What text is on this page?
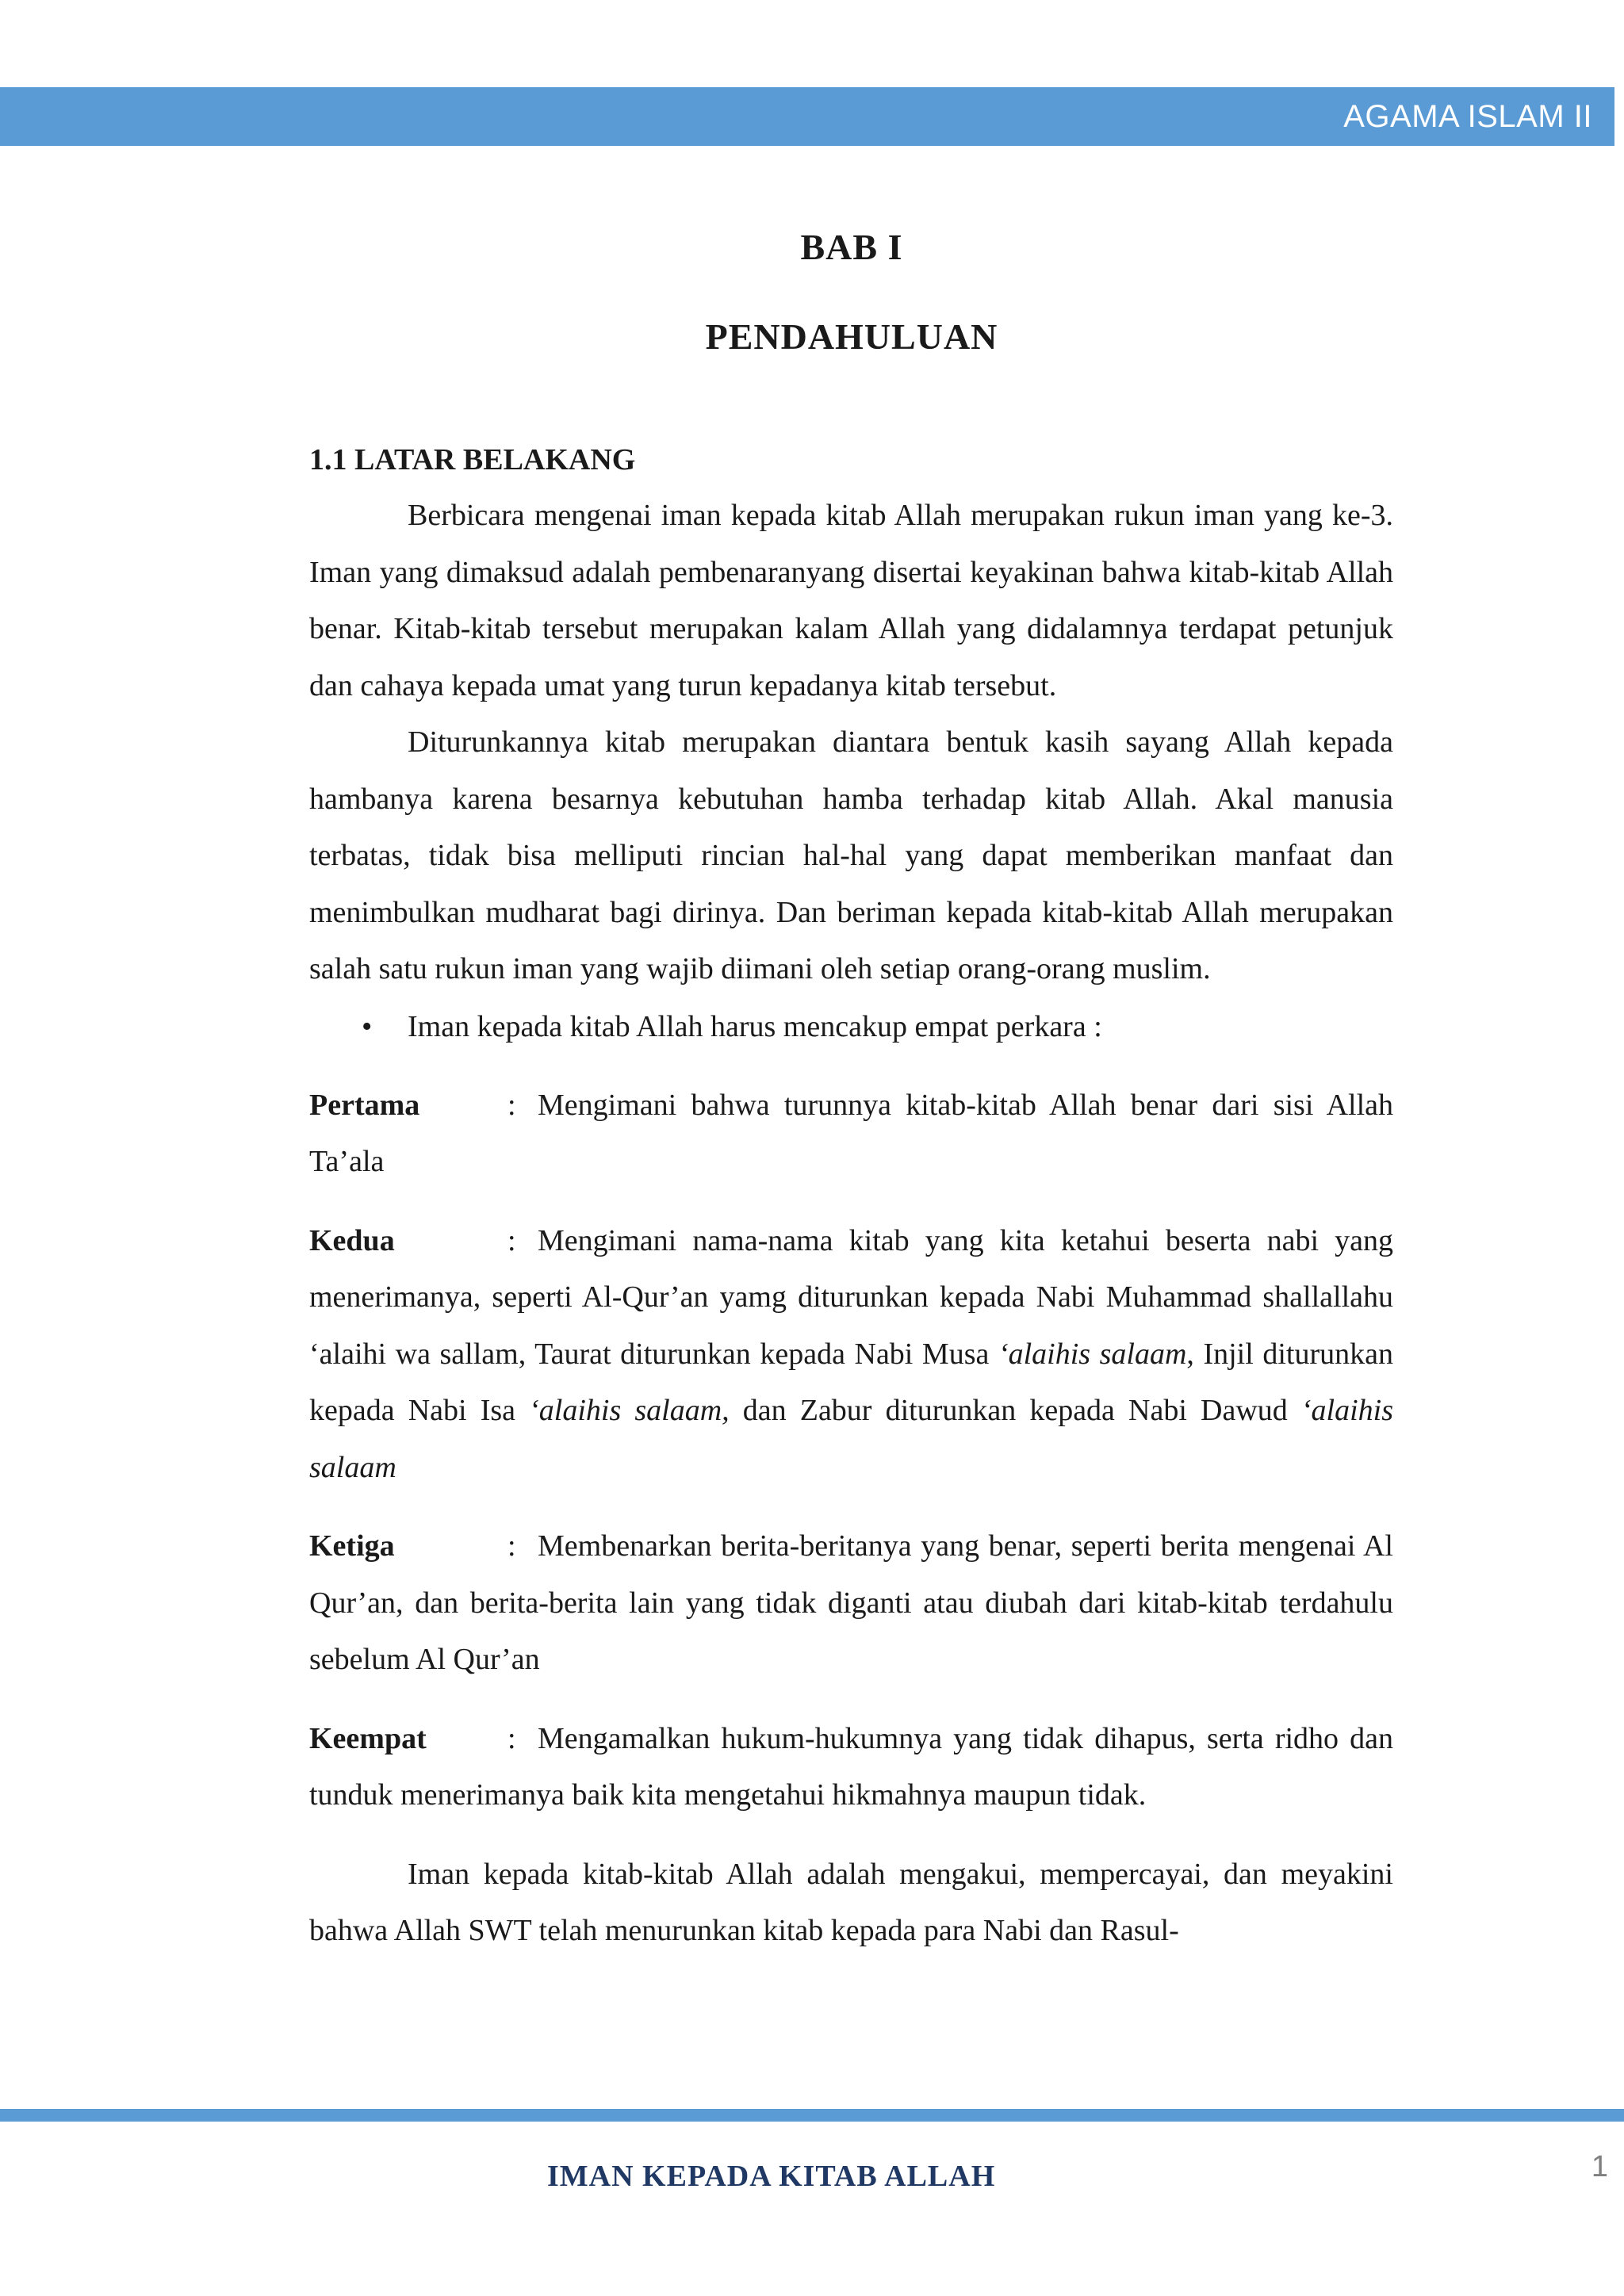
AGAMA ISLAM II
BAB I
PENDAHULUAN

1.1 LATAR BELAKANG

Berbicara mengenai iman kepada kitab Allah merupakan rukun iman yang ke-3. Iman yang dimaksud adalah pembenaranyang disertai keyakinan bahwa kitab-kitab Allah benar. Kitab-kitab tersebut merupakan kalam Allah yang didalamnya terdapat petunjuk dan cahaya kepada umat yang turun kepadanya kitab tersebut.

Diturunkannya kitab merupakan diantara bentuk kasih sayang Allah kepada hambanya karena besarnya kebutuhan hamba terhadap kitab Allah. Akal manusia terbatas, tidak bisa melliputi rincian hal-hal yang dapat memberikan manfaat dan menimbulkan mudharat bagi dirinya. Dan beriman kepada kitab-kitab Allah merupakan salah satu rukun iman yang wajib diimani oleh setiap orang-orang muslim.

• Iman kepada kitab Allah harus mencakup empat perkara :

Pertama	: Mengimani bahwa turunnya kitab-kitab Allah benar dari sisi Allah Ta’ala

Kedua	: Mengimani nama-nama kitab yang kita ketahui beserta nabi yang menerimanya, seperti Al-Qur’an yamg diturunkan kepada Nabi Muhammad shallallahu ‘alaihi wa sallam, Taurat diturunkan kepada Nabi Musa ‘alaihis salaam, Injil diturunkan kepada Nabi Isa ‘alaihis salaam, dan Zabur diturunkan kepada Nabi Dawud ‘alaihis salaam

Ketiga	: Membenarkan berita-beritanya yang benar, seperti berita mengenai Al Qur’an, dan berita-berita lain yang tidak diganti atau diubah dari kitab-kitab terdahulu sebelum Al Qur’an

Keempat	: Mengamalkan hukum-hukumnya yang tidak dihapus, serta ridho dan tunduk menerimanya baik kita mengetahui hikmahnya maupun tidak.

Iman kepada kitab-kitab Allah adalah mengakui, mempercayai, dan meyakini bahwa Allah SWT telah menurunkan kitab kepada para Nabi dan Rasul-

IMAN KEPADA KITAB ALLAH	1
